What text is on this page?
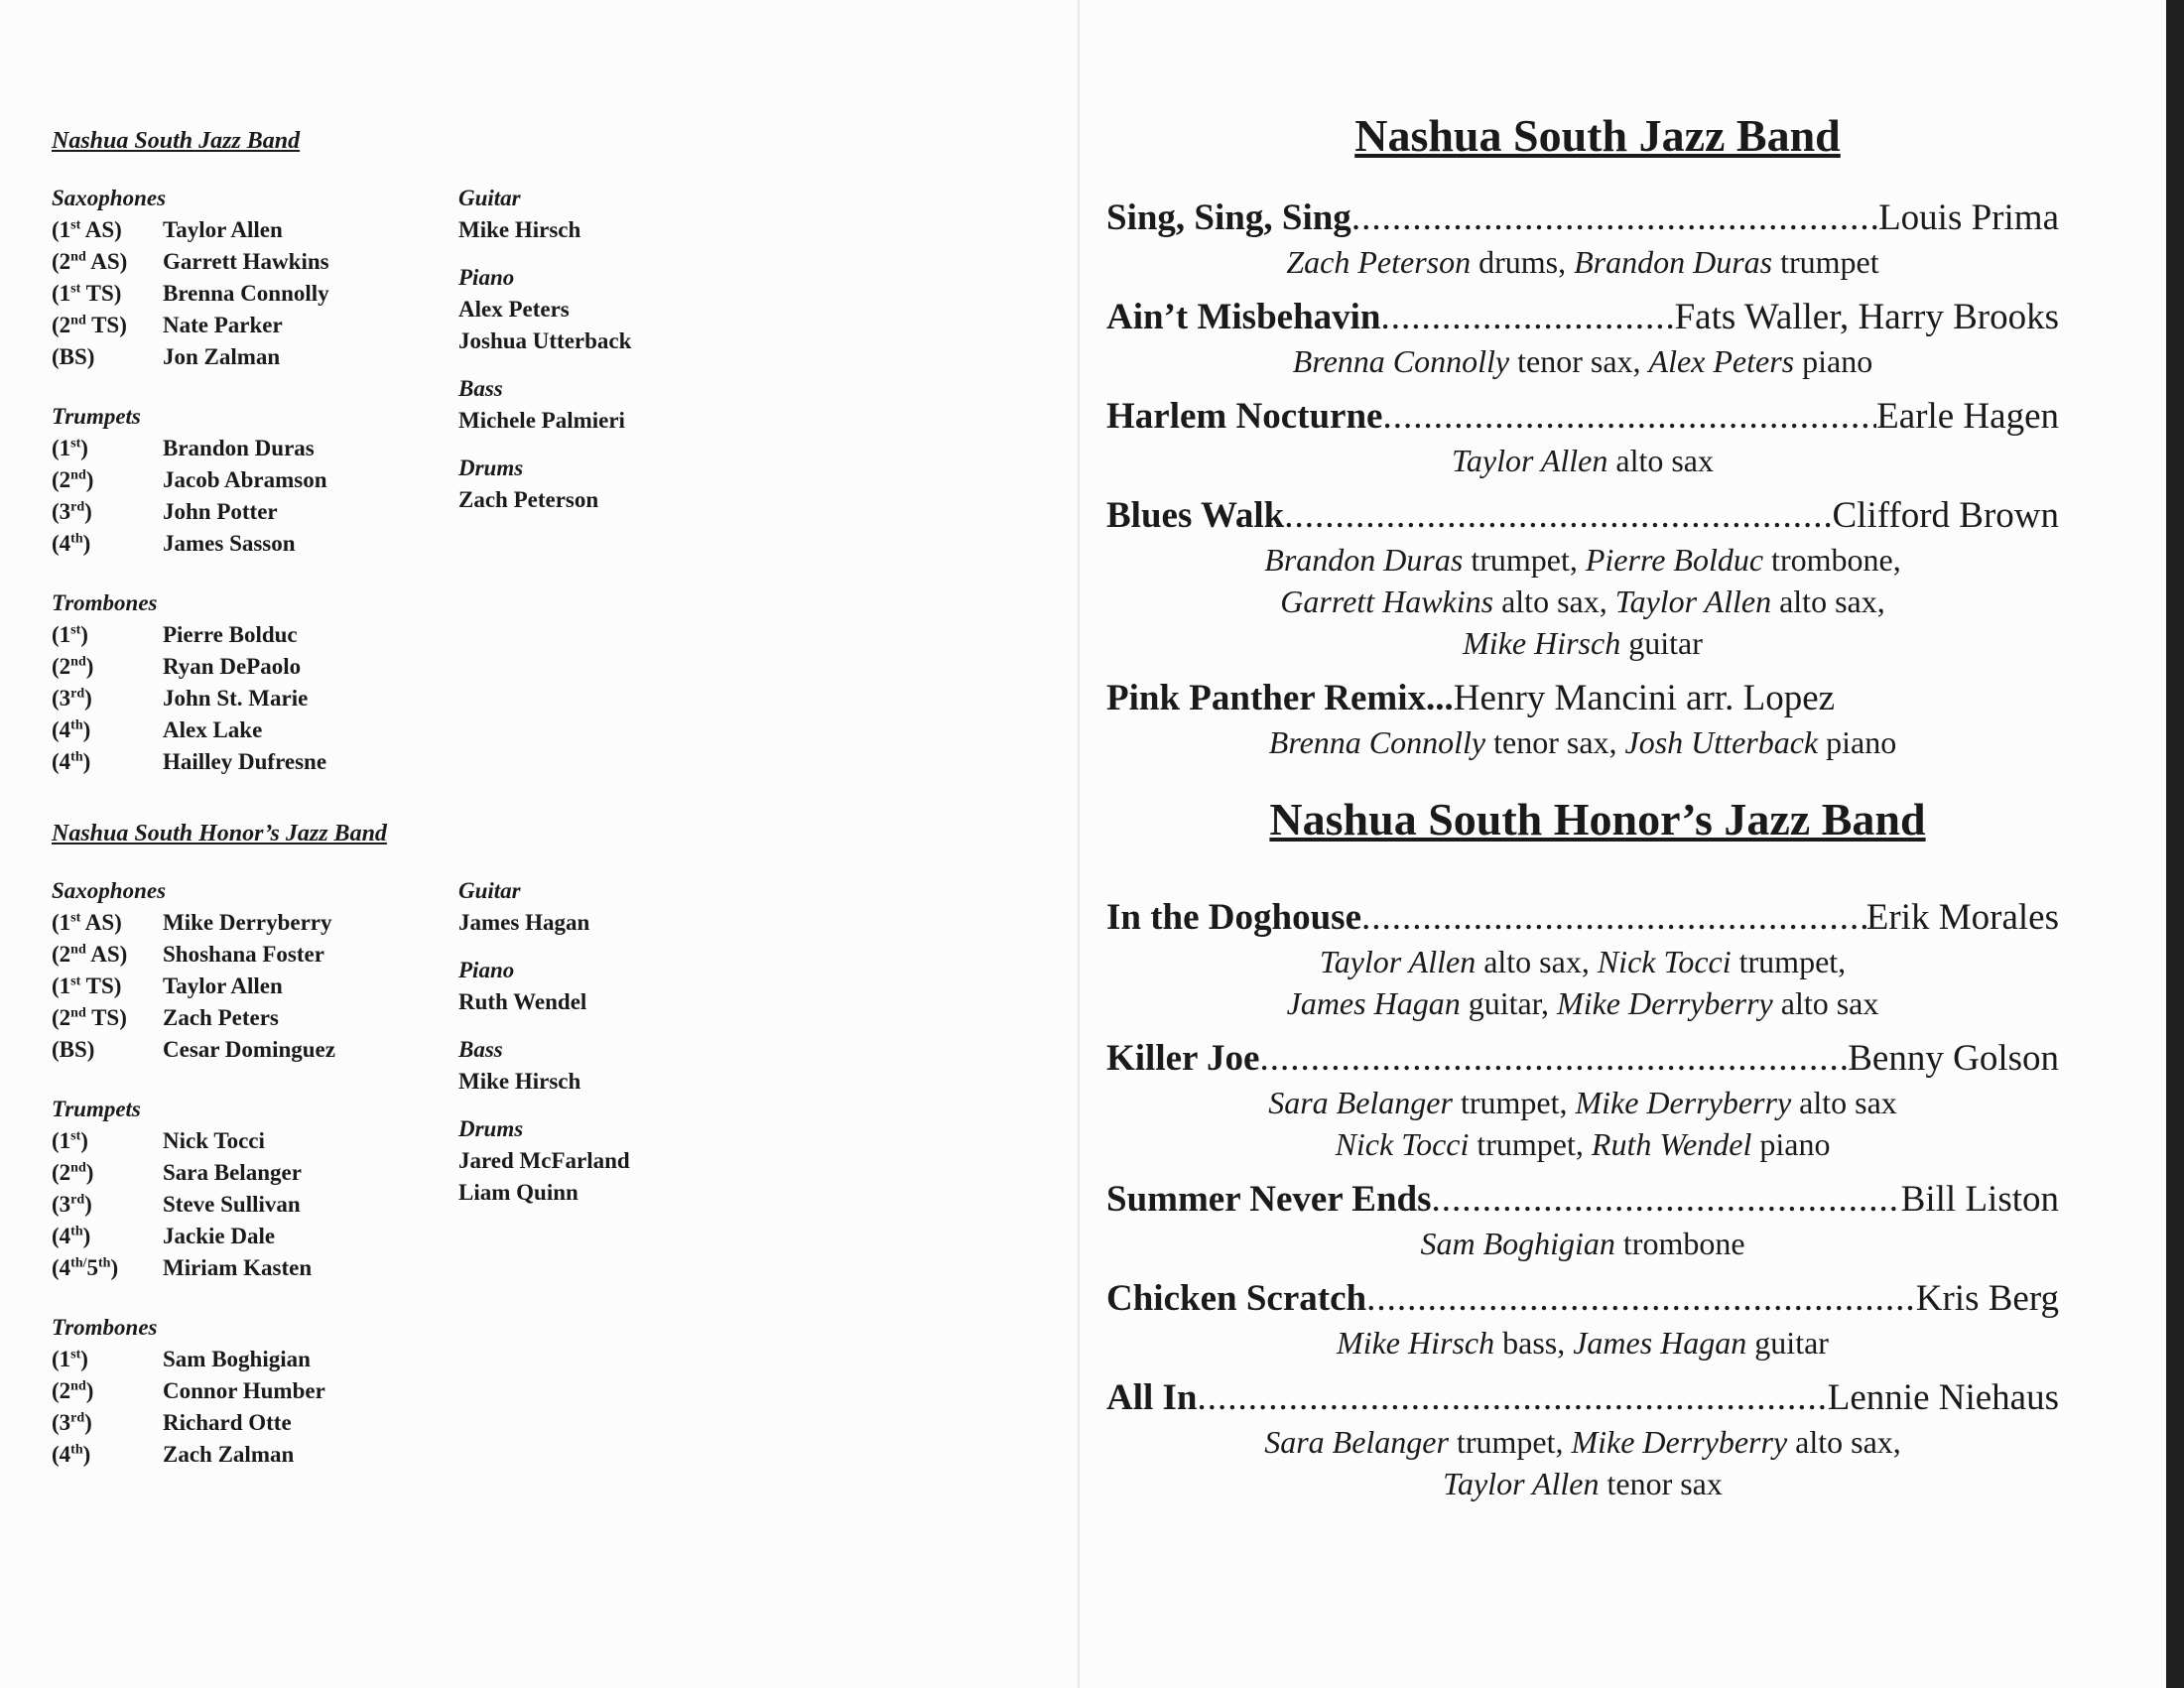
Nashua South Jazz Band
Saxophones
(1st AS)	Taylor Allen
(2nd AS)	Garrett Hawkins
(1st TS)	Brenna Connolly
(2nd TS)	Nate Parker
(BS)	Jon Zalman
Trumpets
(1st)	Brandon Duras
(2nd)	Jacob Abramson
(3rd)	John Potter
(4th)	James Sasson
Trombones
(1st)	Pierre Bolduc
(2nd)	Ryan DePaolo
(3rd)	John St. Marie
(4th)	Alex Lake
(4th)	Hailley Dufresne
Guitar
Mike Hirsch
Piano
Alex Peters
Joshua Utterback
Bass
Michele Palmieri
Drums
Zach Peterson
Nashua South Honor’s Jazz Band
Saxophones
(1st AS)	Mike Derryberry
(2nd AS)	Shoshana Foster
(1st TS)	Taylor Allen
(2nd TS)	Zach Peters
(BS)	Cesar Dominguez
Trumpets
(1st)	Nick Tocci
(2nd)	Sara Belanger
(3rd)	Steve Sullivan
(4th)	Jackie Dale
$(4^{th/}5th)$	Miriam Kasten
Trombones
(1st)	Sam Boghigian
(2nd)	Connor Humber
(3rd)	Richard Otte
(4th)	Zach Zalman
Guitar
James Hagan
Piano
Ruth Wendel
Bass
Mike Hirsch
Drums
Jared McFarland
Liam Quinn
Nashua South Jazz Band
Sing, Sing, Sing .....	Louis Prima
Zach Peterson drums, Brandon Duras trumpet
Ain’t Misbehavin .....	Fats Waller, Harry Brooks
Brenna Connolly tenor sax, Alex Peters piano
Harlem Nocturne .....	Earle Hagen
Taylor Allen alto sax
Blues Walk .....	Clifford Brown
Brandon Duras trumpet, Pierre Bolduc trombone,
Garrett Hawkins alto sax, Taylor Allen alto sax,
Mike Hirsch guitar
Pink Panther Remix ... Henry Mancini arr. Lopez
Brenna Connolly tenor sax, Josh Utterback piano
Nashua South Honor’s Jazz Band
In the Doghouse .....	Erik Morales
Taylor Allen alto sax, Nick Tocci trumpet,
James Hagan guitar, Mike Derryberry alto sax
Killer Joe .....	Benny Golson
Sara Belanger trumpet, Mike Derryberry alto sax
Nick Tocci trumpet, Ruth Wendel piano
Summer Never Ends .....	Bill Liston
Sam Boghigian trombone
Chicken Scratch .....	Kris Berg
Mike Hirsch bass, James Hagan guitar
All In .....	Lennie Niehaus
Sara Belanger trumpet, Mike Derryberry alto sax,
Taylor Allen tenor sax
